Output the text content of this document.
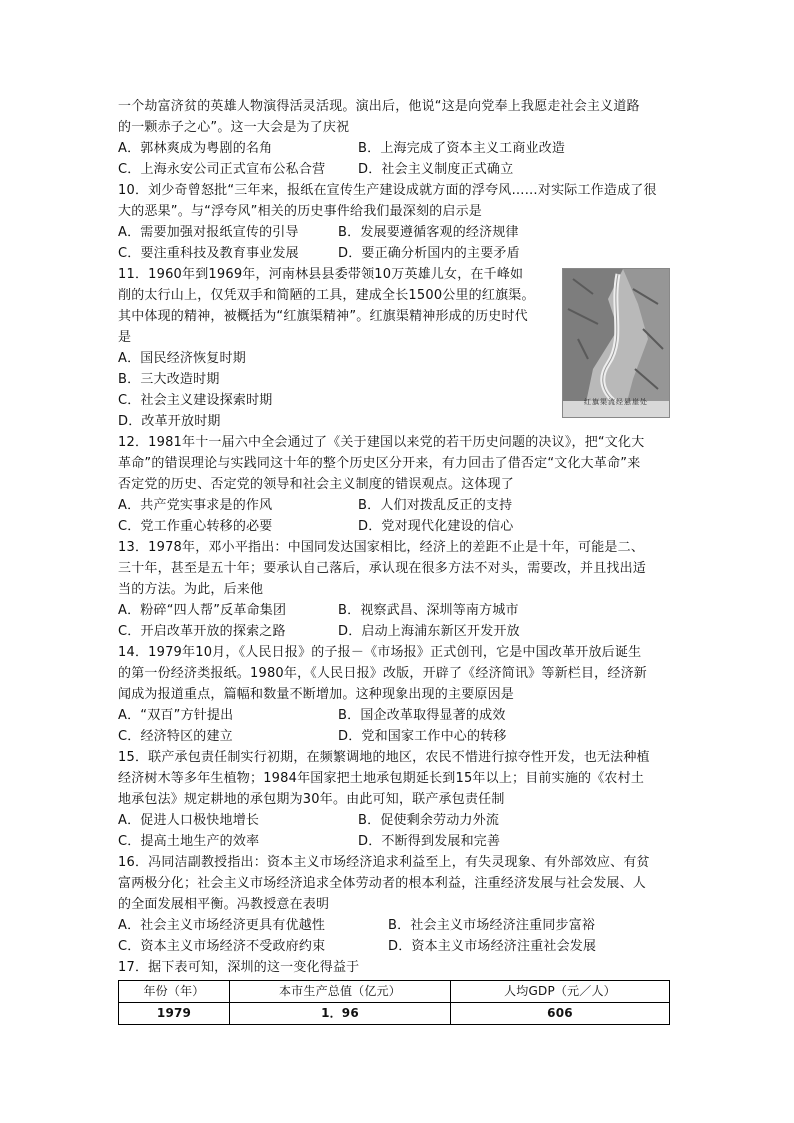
一个劫富济贫的英雄人物演得活灵活现。演出后，他说“这是向党奉上我愿走社会主义道路
的一颗赤子之心”。这一大会是为了庆祝
A．郭林爽成为粤剧的名角	B．上海完成了资本主义工商业改造
C．上海永安公司正式宣布公私合营	D．社会主义制度正式确立
10．刘少奇曾怒批“三年来，报纸在宣传生产建设成就方面的浮夸风……对实际工作造成了很
大的恶果”。与“浮夸风”相关的历史事件给我们最深刻的启示是
A．需要加强对报纸宣传的引导	B．发展要遵循客观的经济规律
C．要注重科技及教育事业发展	D．要正确分析国内的主要矛盾
11．1960年到1969年，河南林县县委带领10万英雄儿女，在千峰如
削的太行山上，仅凭双手和简陋的工具，建成全长1500公里的红旗渠。
其中体现的精神，被概括为“红旗渠精神”。红旗渠精神形成的历史时代
是
A．国民经济恢复时期
B．三大改造时期
C．社会主义建设探索时期
D．改革开放时期
红旗渠流经悬崖处
12．1981年十一届六中全会通过了《关于建国以来党的若干历史问题的决议》，把“文化大
革命”的错误理论与实践同这十年的整个历史区分开来，有力回击了借否定“文化大革命”来
否定党的历史、否定党的领导和社会主义制度的错误观点。这体现了
A．共产党实事求是的作风	B．人们对拨乱反正的支持
C．党工作重心转移的必要	D．党对现代化建设的信心
13．1978年，邓小平指出：中国同发达国家相比，经济上的差距不止是十年，可能是二、
三十年，甚至是五十年；要承认自己落后，承认现在很多方法不对头，需要改，并且找出适
当的方法。为此，后来他
A．粉碎“四人帮”反革命集团	B．视察武昌、深圳等南方城市
C．开启改革开放的探索之路	D．启动上海浦东新区开发开放
14．1979年10月，《人民日报》的子报－《市场报》正式创刊，它是中国改革开放后诞生
的第一份经济类报纸。1980年，《人民日报》改版，开辟了《经济简讯》等新栏目，经济新
闻成为报道重点，篇幅和数量不断增加。这种现象出现的主要原因是
A．“双百”方针提出	B．国企改革取得显著的成效
C．经济特区的建立	D．党和国家工作中心的转移
15．联产承包责任制实行初期，在频繁调地的地区，农民不惜进行掠夺性开发，也无法种植
经济树木等多年生植物；1984年国家把土地承包期延长到15年以上；目前实施的《农村土
地承包法》规定耕地的承包期为30年。由此可知，联产承包责任制
A．促进人口极快地增长	B．促使剩余劳动力外流
C．提高土地生产的效率	D．不断得到发展和完善
16．冯同洁副教授指出：资本主义市场经济追求利益至上，有失灵现象、有外部效应、有贫
富两极分化；社会主义市场经济追求全体劳动者的根本利益，注重经济发展与社会发展、人
的全面发展相平衡。冯教授意在表明
A．社会主义市场经济更具有优越性	B．社会主义市场经济注重同步富裕
C．资本主义市场经济不受政府约束	D．资本主义市场经济注重社会发展
17．据下表可知，深圳的这一变化得益于
年份（年）	本市生产总值（亿元）	人均GDP（元／人）
1979	1．96	606
